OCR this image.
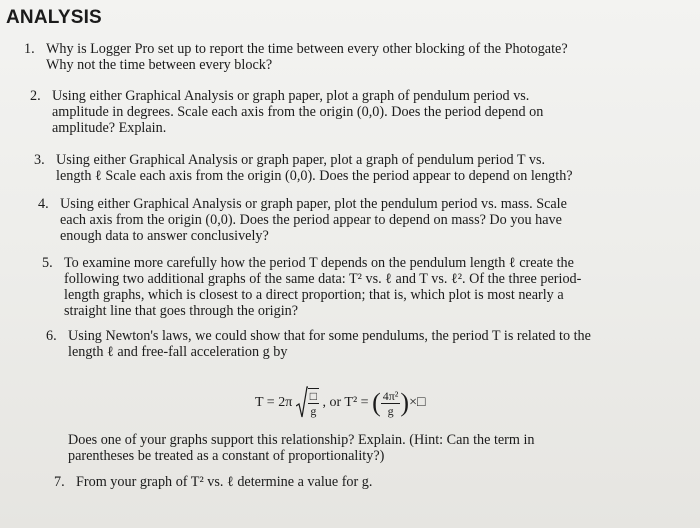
ANALYSIS
1. Why is Logger Pro set up to report the time between every other blocking of the Photogate?
Why not the time between every block?
2. Using either Graphical Analysis or graph paper, plot a graph of pendulum period vs.
amplitude in degrees. Scale each axis from the origin (0,0). Does the period depend on
amplitude? Explain.
3. Using either Graphical Analysis or graph paper, plot a graph of pendulum period T vs.
length ℓ Scale each axis from the origin (0,0). Does the period appear to depend on length?
4. Using either Graphical Analysis or graph paper, plot the pendulum period vs. mass. Scale
each axis from the origin (0,0). Does the period appear to depend on mass? Do you have
enough data to answer conclusively?
5. To examine more carefully how the period T depends on the pendulum length ℓ create the
following two additional graphs of the same data: T² vs. ℓ and T vs. ℓ². Of the three period-
length graphs, which is closest to a direct proportion; that is, which plot is most nearly a
straight line that goes through the origin?
6. Using Newton's laws, we could show that for some pendulums, the period T is related to the
length ℓ and free-fall acceleration g by
$T = 2\pi \frac{□}{g}$ , or T² = ( $\frac{\text{4π²}}{g}$ )×□
Does one of your graphs support this relationship? Explain. (Hint: Can the term in
parentheses be treated as a constant of proportionality?)
7. From your graph of T² vs. ℓ determine a value for g.
